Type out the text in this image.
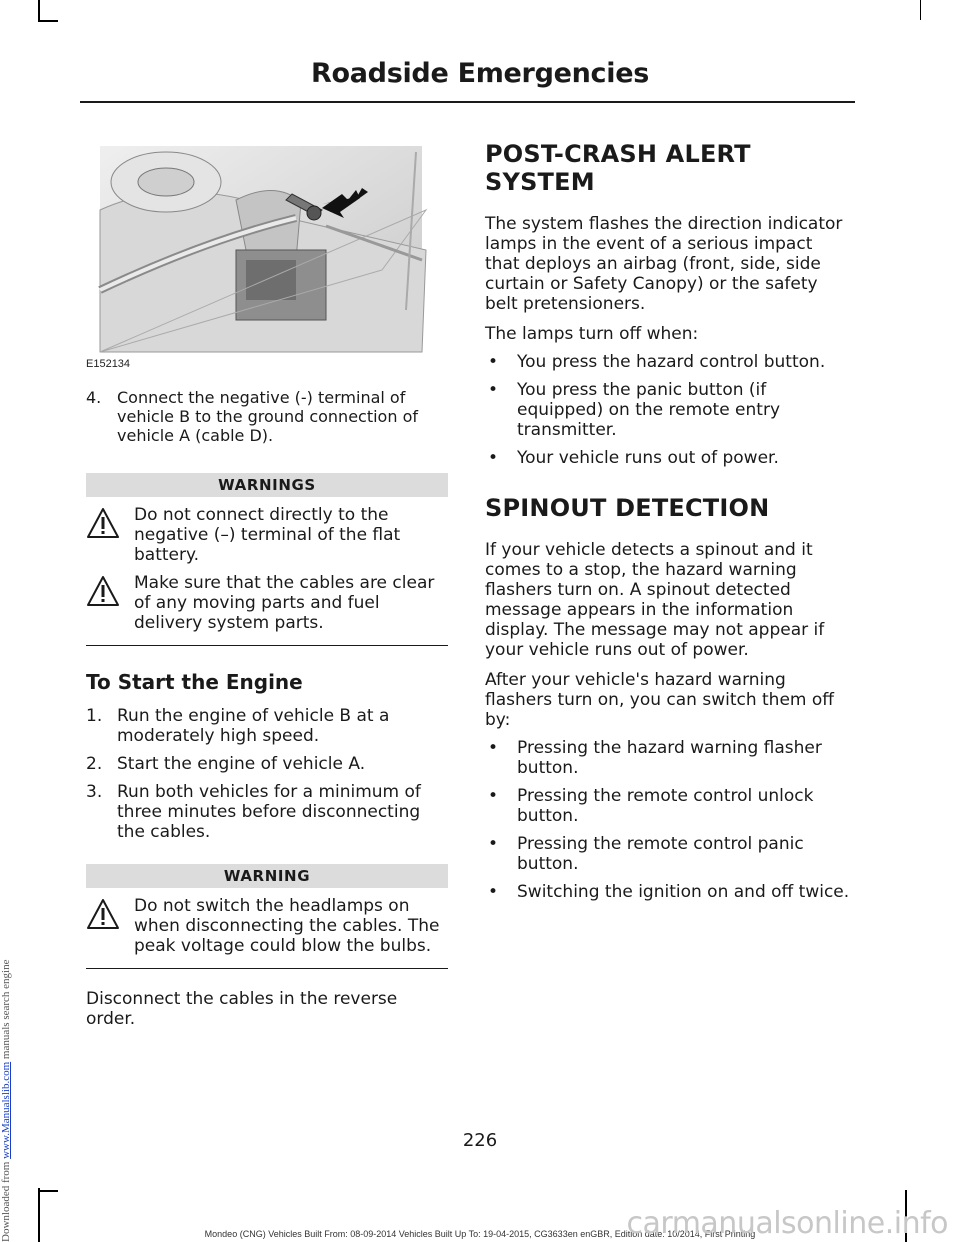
Roadside Emergencies
E152134
4. Connect the negative (-) terminal of vehicle B to the ground connection of vehicle A (cable D).
WARNINGS

Do not connect directly to the negative (–) terminal of the flat battery.

Make sure that the cables are clear of any moving parts and fuel delivery system parts.

To Start the Engine
1. Run the engine of vehicle B at a moderately high speed.
2. Start the engine of vehicle A.
3. Run both vehicles for a minimum of three minutes before disconnecting the cables.
WARNING

Do not switch the headlamps on when disconnecting the cables. The peak voltage could blow the bulbs.

Disconnect the cables in the reverse order.

POST-CRASH ALERT SYSTEM

The system flashes the direction indicator lamps in the event of a serious impact that deploys an airbag (front, side, side curtain or Safety Canopy) or the safety belt pretensioners.

The lamps turn off when:

• You press the hazard control button.
• You press the panic button (if equipped) on the remote entry transmitter.
• Your vehicle runs out of power.
SPINOUT DETECTION

If your vehicle detects a spinout and it comes to a stop, the hazard warning flashers turn on. A spinout detected message appears in the information display. The message may not appear if your vehicle runs out of power.

After your vehicle's hazard warning flashers turn on, you can switch them off by:

• Pressing the hazard warning flasher button.
• Pressing the remote control unlock button.
• Pressing the remote control panic button.
• Switching the ignition on and off twice.
226
Mondeo (CNG) Vehicles Built From: 08-09-2014 Vehicles Built Up To: 19-04-2015, CG3633en enGBR, Edition date: 10/2014, First Printing
Downloaded from www.Manualslib.com manuals search engine
carmanualsonline.info
